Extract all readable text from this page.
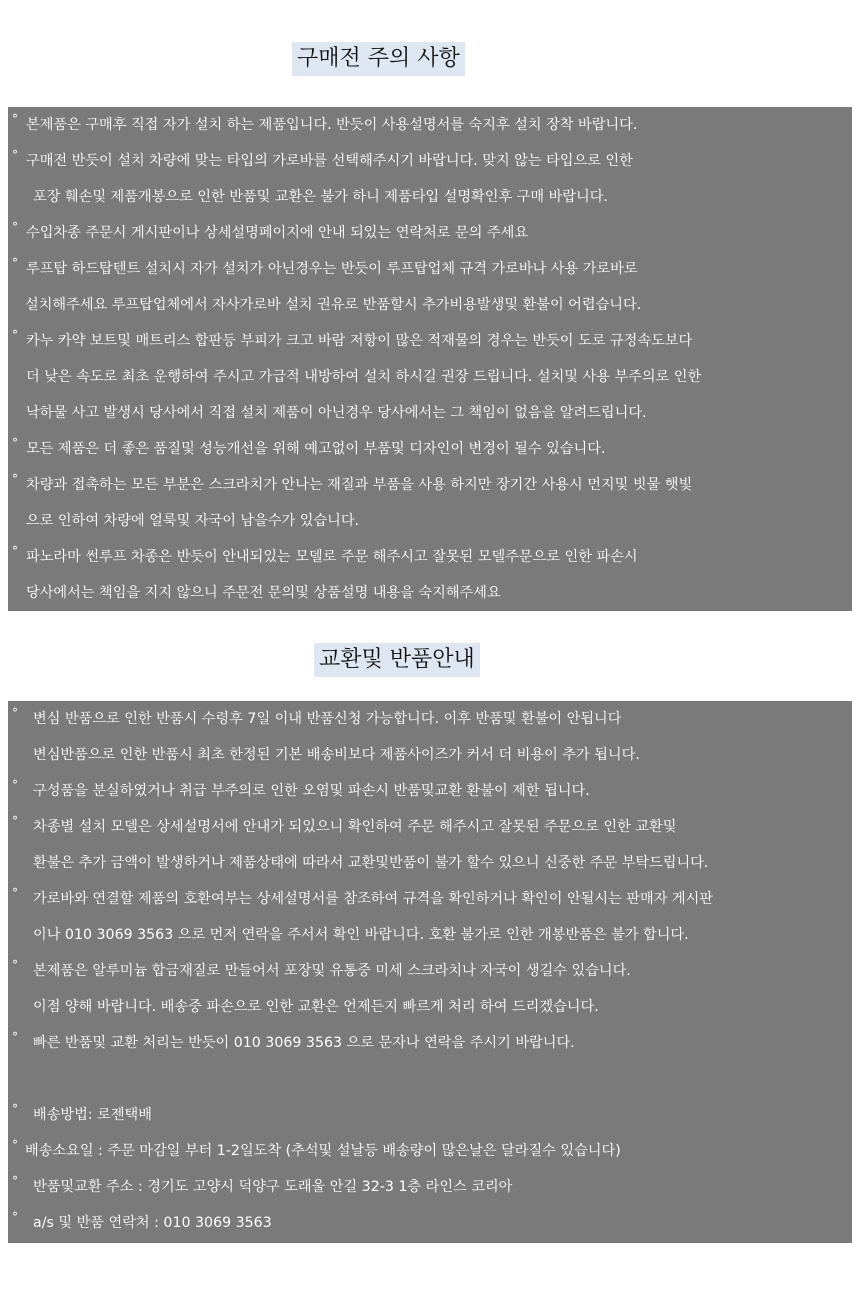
구매전 주의 사항
° 본제품은 구매후 직접 자가 설치 하는 제품입니다. 반듯이 사용설명서를 숙지후 설치 장착 바랍니다.
° 구매전 반듯이 설치 차량에 맞는 타입의 가로바를 선택해주시기 바랍니다. 맞지 않는 타입으로 인한
포장 훼손및 제품개봉으로 인한 반품및 교환은 불가 하니 제품타입 설명확인후 구매 바랍니다.
° 수입차종 주문시 게시판이나 상세설명페이지에 안내 되있는 연락처로 문의 주세요
° 루프탑 하드탑텐트 설치시 자가 설치가 아닌경우는 반듯이 루프탑업체 규격 가로바나 사용 가로바로
설치해주세요 루프탑업체에서 자사가로바 설치 권유로 반품할시 추가비용발생및 환불이 어렵습니다.
° 카누 카약 보트및 매트리스 합판등 부피가 크고 바람 저항이 많은 적재물의 경우는 반듯이 도로 규정속도보다
더 낮은 속도로 최초 운행하여 주시고 가급적 내방하여 설치 하시길 권장 드립니다. 설치및 사용 부주의로 인한
낙하물 사고 발생시 당사에서 직접 설치 제품이 아닌경우 당사에서는 그 책임이 없음을 알려드립니다.
° 모든 제품은 더 좋은 품질및 성능개선을 위해 예고없이 부품및 디자인이 변경이 될수 있습니다.
° 차량과 접촉하는 모든 부분은 스크라치가 안나는 재질과 부품을 사용 하지만 장기간 사용시 먼지및 빗물 햇빛
으로 인하여 차량에 얼룩및 자국이 남을수가 있습니다.
° 파노라마 썬루프 차종은 반듯이 안내되있는 모델로 주문 해주시고 잘못된 모델주문으로 인한 파손시
당사에서는 책임을 지지 않으니 주문전 문의및 상품설명 내용을 숙지해주세요
교환및 반품안내
° 변심 반품으로 인한 반품시 수령후 7일 이내 반품신청 가능합니다. 이후 반품및 환불이 안됩니다
변심반품으로 인한 반품시 최초 한정된 기본 배송비보다 제품사이즈가 커서 더 비용이 추가 됩니다.
° 구성품을 분실하였거나 취급 부주의로 인한 오염및 파손시 반품및교환 환불이 제한 됩니다.
° 차종별 설치 모델은 상세설명서에 안내가 되있으니 확인하여 주문 해주시고 잘못된 주문으로 인한 교환및
환불은 추가 금액이 발생하거나 제품상태에 따라서 교환및반품이 불가 할수 있으니 신중한 주문 부탁드립니다.
° 가로바와 연결할 제품의 호환여부는 상세설명서를 참조하여 규격을 확인하거나 확인이 안될시는 판매자 게시판
이나 010 3069 3563 으로 먼저 연락을 주서서 확인 바랍니다. 호환 불가로 인한 개봉반품은 불가 합니다.
° 본제품은 알루미늄 합금재질로 만들어서 포장및 유통중 미세 스크라치나 자국이 생길수 있습니다.
이점 양해 바랍니다. 배송중 파손으로 인한 교환은 언제든지 빠르게 처리 하여 드리겠습니다.
° 빠른 반품및 교환 처리는 반듯이 010 3069 3563 으로 문자나 연락을 주시기 바랍니다.
° 배송방법: 로젠택배
° 배송소요일 : 주문 마감일 부터 1-2일도착 (추석및 설날등 배송량이 많은날은 달라질수 있습니다)
° 반품및교환 주소 : 경기도 고양시 덕양구 도래울 안길 32-3 1층 라인스 코리아
° a/s 및 반품 연락처 : 010 3069 3563
